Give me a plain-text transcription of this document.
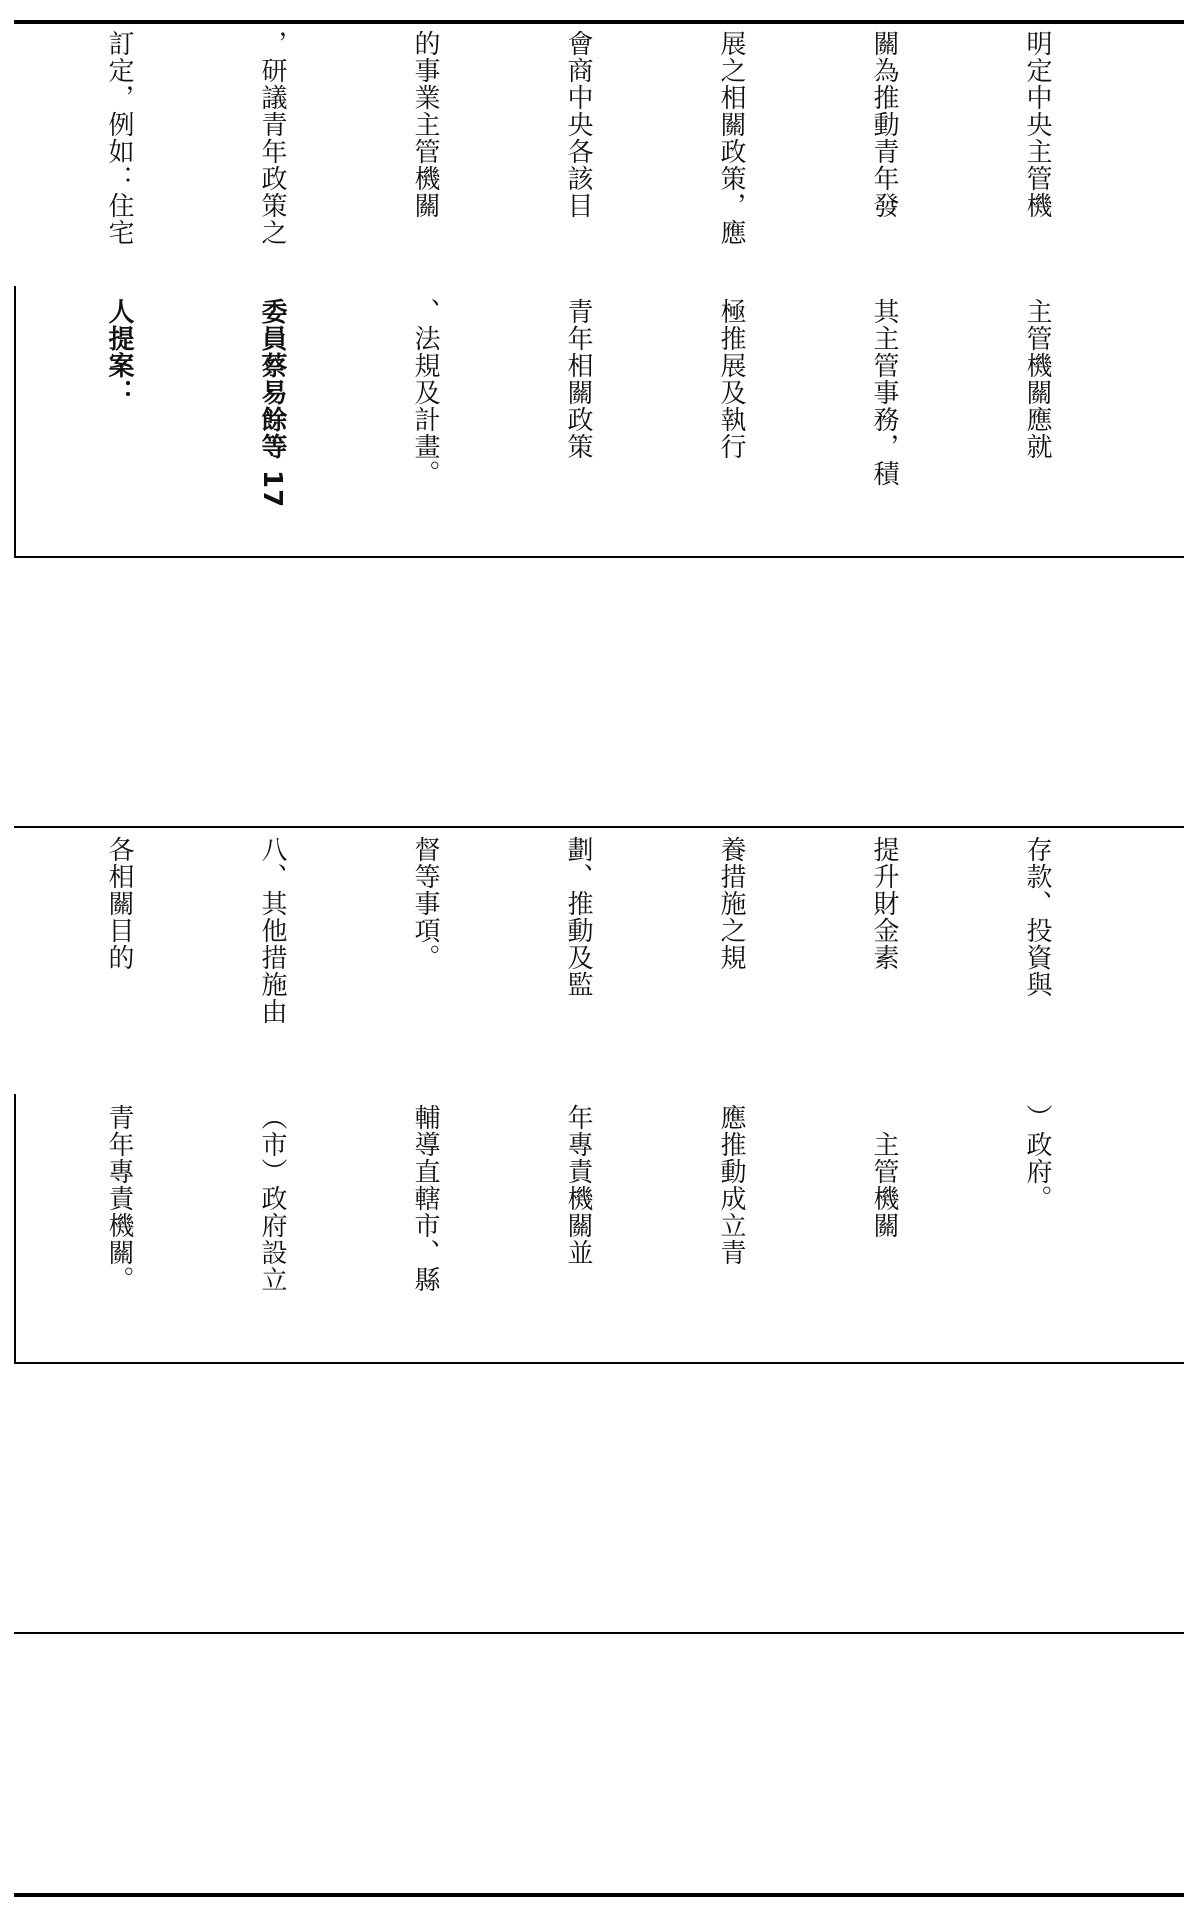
明定中央主管機

關為推動青年發

展之相關政策，應

會商中央各該目

的事業主管機關

，研議青年政策之

訂定，例如：住宅

主管機關應就

其主管事務，積

極推展及執行

青年相關政策

、法規及計畫。

委員蔡易餘等 17

人提案：

存款、投資與

提升財金素

養措施之規

劃、推動及監

督等事項。

八、其他措施由

各相關目的

）政府。

　主管機關

應推動成立青

年專責機關並

輔導直轄市、縣

（市）政府設立

青年專責機關。
